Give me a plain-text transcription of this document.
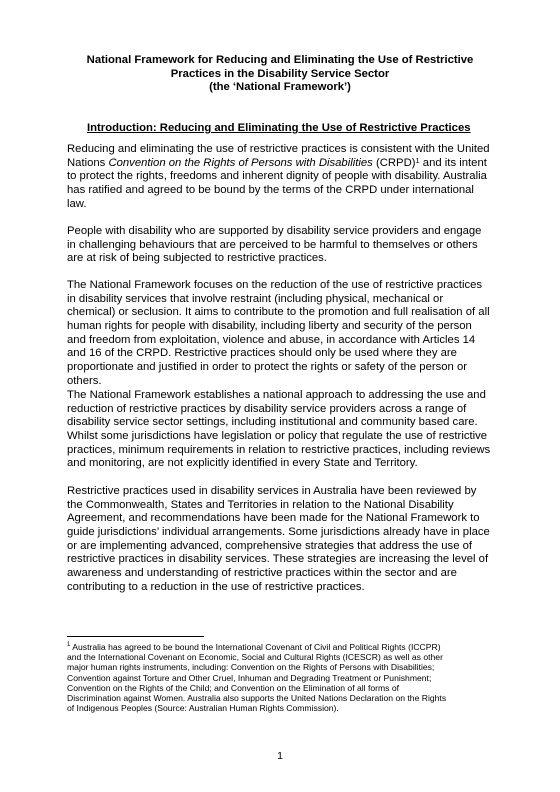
National Framework for Reducing and Eliminating the Use of Restrictive
Practices in the Disability Service Sector
(the ‘National Framework’)
Introduction: Reducing and Eliminating the Use of Restrictive Practices
Reducing and eliminating the use of restrictive practices is consistent with the United
Nations Convention on the Rights of Persons with Disabilities (CRPD)$^1$ and its intent
to protect the rights, freedoms and inherent dignity of people with disability. Australia
has ratified and agreed to be bound by the terms of the CRPD under international
law.
People with disability who are supported by disability service providers and engage
in challenging behaviours that are perceived to be harmful to themselves or others
are at risk of being subjected to restrictive practices.
The National Framework focuses on the reduction of the use of restrictive practices
in disability services that involve restraint (including physical, mechanical or
chemical) or seclusion. It aims to contribute to the promotion and full realisation of all
human rights for people with disability, including liberty and security of the person
and freedom from exploitation, violence and abuse, in accordance with Articles 14
and 16 of the CRPD. Restrictive practices should only be used where they are
proportionate and justified in order to protect the rights or safety of the person or
others.
The National Framework establishes a national approach to addressing the use and
reduction of restrictive practices by disability service providers across a range of
disability service sector settings, including institutional and community based care.
Whilst some jurisdictions have legislation or policy that regulate the use of restrictive
practices, minimum requirements in relation to restrictive practices, including reviews
and monitoring, are not explicitly identified in every State and Territory.
Restrictive practices used in disability services in Australia have been reviewed by
the Commonwealth, States and Territories in relation to the National Disability
Agreement, and recommendations have been made for the National Framework to
guide jurisdictions’ individual arrangements. Some jurisdictions already have in place
or are implementing advanced, comprehensive strategies that address the use of
restrictive practices in disability services. These strategies are increasing the level of
awareness and understanding of restrictive practices within the sector and are
contributing to a reduction in the use of restrictive practices.
$^1$ Australia has agreed to be bound the International Covenant of Civil and Political Rights (ICCPR)
and the International Covenant on Economic, Social and Cultural Rights (ICESCR) as well as other
major human rights instruments, including: Convention on the Rights of Persons with Disabilities;
Convention against Torture and Other Cruel, Inhuman and Degrading Treatment or Punishment;
Convention on the Rights of the Child; and Convention on the Elimination of all forms of
Discrimination against Women. Australia also supports the United Nations Declaration on the Rights
of Indigenous Peoples (Source: Australian Human Rights Commission).
1
